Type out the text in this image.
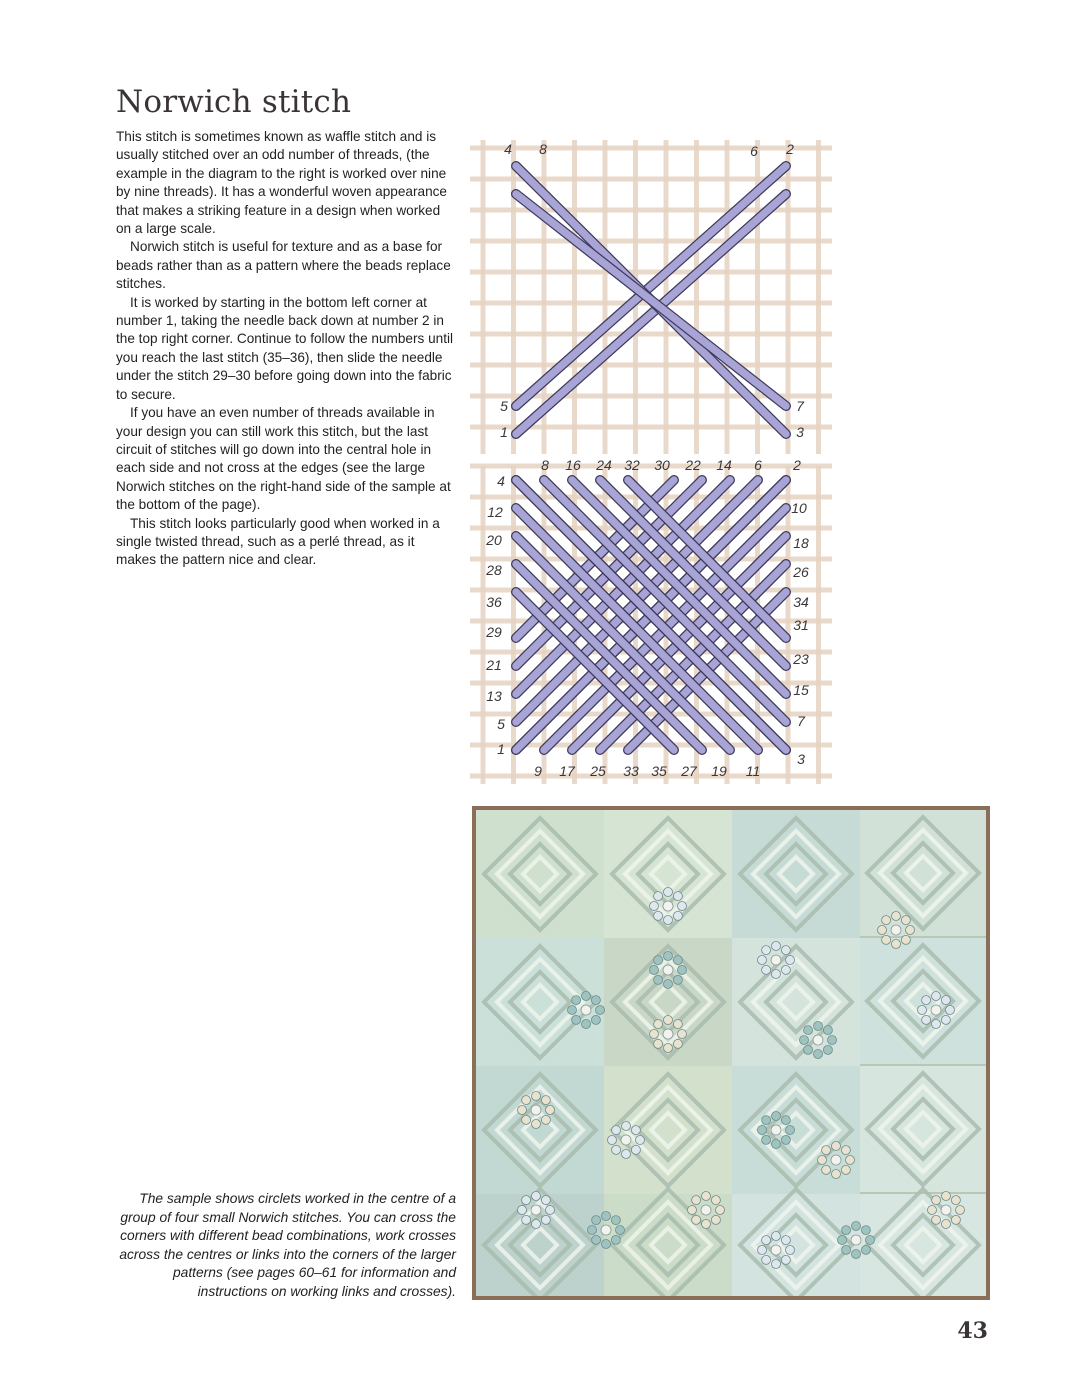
Norwich stitch

This stitch is sometimes known as waffle stitch and is usually stitched over an odd number of threads, (the example in the diagram to the right is worked over nine by nine threads). It has a wonderful woven appearance that makes a striking feature in a design when worked on a large scale.

Norwich stitch is useful for texture and as a base for beads rather than as a pattern where the beads replace stitches.

It is worked by starting in the bottom left corner at number 1, taking the needle back down at number 2 in the top right corner. Continue to follow the numbers until you reach the last stitch (35–36), then slide the needle under the stitch 29–30 before going down into the fabric to secure.

If you have an even number of threads available in your design you can still work this stitch, but the last circuit of stitches will go down into the central hole in each side and not cross at the edges (see the large Norwich stitches on the right-hand side of the sample at the bottom of the page).

This stitch looks particularly good when worked in a single twisted thread, such as a perlé thread, as it makes the pattern nice and clear.

4 8	6 2
5
1
7
3
8 16 24 32 30 22 14 6 2
4
12
20
28
36
29
21
13
5
1
10
18
26
34
31
23
15
7
3
9 17 25 33 35 27 19 11
The sample shows circlets worked in the centre of a group of four small Norwich stitches. You can cross the corners with different bead combinations, work crosses across the centres or links into the corners of the larger patterns (see pages 60–61 for information and instructions on working links and crosses).
43
